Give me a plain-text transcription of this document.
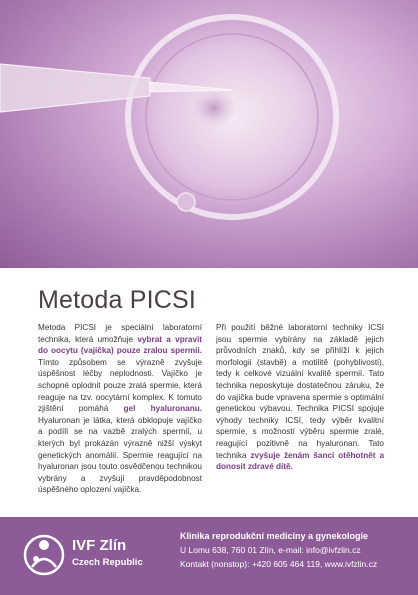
Metoda PICSI

Metoda PICSI je speciální laboratorní technika, která umožňuje vybrat a vpravit do oocytu (vajíčka) pouze zralou spermii. Tímto způsobem se výrazně zvyšuje úspěšnost léčby neplodnosti. Vajíčko je schopné oplodnit pouze zralá spermie, která reaguje na tzv. oocytární komplex. K tomuto zjištění pomáhá gel hyaluronanu. Hyaluronan je látka, která obklopuje vajíčko a podílí se na vazbě zralých spermií, u kterých byl prokázán výrazně nižší výskyt genetických anomálií. Spermie reagující na hyaluronan jsou touto osvědčenou technikou vybrány a zvyšují pravděpodobnost úspěšného oplození vajíčka.

Při použití běžné laboratorní techniky ICSI jsou spermie vybírány na základě jejich průvodních znaků, kdy se přihlíží k jejich morfologii (stavbě) a motilitě (pohyblivosti), tedy k celkové vizuální kvalitě spermií. Tato technika neposkytuje dostatečnou záruku, že do vajíčka bude vpravena spermie s optimální genetickou výbavou. Technika PICSI spojuje výhody techniky ICSI, tedy výběr kvalitní spermie, s možností výběru spermie zralé, reagující pozitivně na hyaluronan. Tato technika zvyšuje ženám šanci otěhotnět a donosit zdravé dítě.

IVF Zlín
Czech Republic
Klinika reprodukční medicíny a gynekologie
U Lomu 638, 760 01 Zlín, e-mail: info@ivfzlin.cz
Kontakt (nonstop): +420 605 464 119, www.ivfzlin.cz
